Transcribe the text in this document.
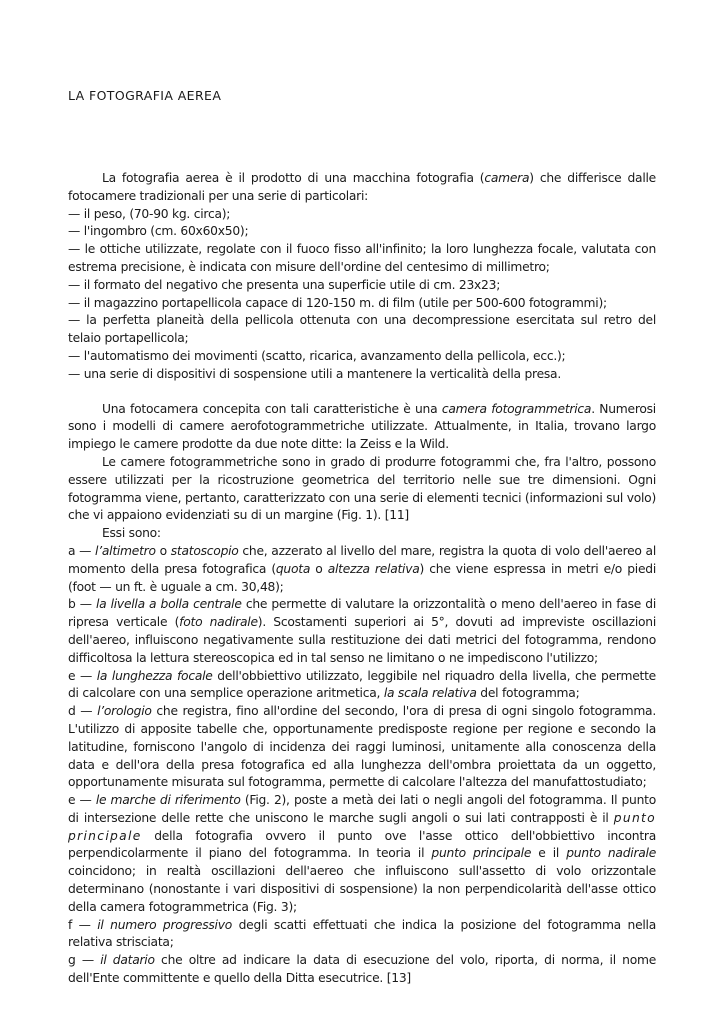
LA FOTOGRAFIA AEREA

La fotografia aerea è il prodotto di una macchina fotografia (camera) che differisce dalle fotocamere tradizionali per una serie di particolari:

— il peso, (70-90 kg. circa);

— l'ingombro (cm. 60x60x50);

— le ottiche utilizzate, regolate con il fuoco fisso all'infinito; la loro lunghezza focale, valutata con estrema precisione, è indicata con misure dell'ordine del centesimo di millimetro;

— il formato del negativo che presenta una superficie utile di cm. 23x23;

— il magazzino portapellicola capace di 120-150 m. di film (utile per 500-600 fotogrammi);

— la perfetta planeità della pellicola ottenuta con una decompressione esercitata sul retro del telaio portapellicola;

— l'automatismo dei movimenti (scatto, ricarica, avanzamento della pellicola, ecc.);

— una serie di dispositivi di sospensione utili a mantenere la verticalità della presa.

Una fotocamera concepita con tali caratteristiche è una camera fotogrammetrica. Numerosi sono i modelli di camere aerofotogrammetriche utilizzate. Attualmente, in Italia, trovano largo impiego le camere prodotte da due note ditte: la Zeiss e la Wild.

Le camere fotogrammetriche sono in grado di produrre fotogrammi che, fra l'altro, possono essere utilizzati per la ricostruzione geometrica del territorio nelle sue tre dimensioni. Ogni fotogramma viene, pertanto, caratterizzato con una serie di elementi tecnici (informazioni sul volo) che vi appaiono evidenziati su di un margine (Fig. 1). [11]

Essi sono:

a — l’altimetro o statoscopio che, azzerato al livello del mare, registra la quota di volo dell'aereo al momento della presa fotografica (quota o altezza relativa) che viene espressa in metri e/o piedi (foot — un ft. è uguale a cm. 30,48);

b — la livella a bolla centrale che permette di valutare la orizzontalità o meno dell'aereo in fase di ripresa verticale (foto nadirale). Scostamenti superiori ai 5°, dovuti ad impreviste oscillazioni dell'aereo, influiscono negativamente sulla restituzione dei dati metrici del fotogramma, rendono difficoltosa la lettura stereoscopica ed in tal senso ne limitano o ne impediscono l'utilizzo;

e — la lunghezza focale dell'obbiettivo utilizzato, leggibile nel riquadro della livella, che permette di calcolare con una semplice operazione aritmetica, la scala relativa del fotogramma;

d — l’orologio che registra, fino all'ordine del secondo, l'ora di presa di ogni singolo fotogramma. L'utilizzo di apposite tabelle che, opportunamente predisposte regione per regione e secondo la latitudine, forniscono l'angolo di incidenza dei raggi luminosi, unitamente alla conoscenza della data e dell'ora della presa fotografica ed alla lunghezza dell'ombra proiettata da un oggetto, opportunamente misurata sul fotogramma, permette di calcolare l'altezza del manufattostudiato;

e — le marche di riferimento (Fig. 2), poste a metà dei lati o negli angoli del fotogramma. Il punto di intersezione delle rette che uniscono le marche sugli angoli o sui lati contrapposti è il punto principale della fotografia ovvero il punto ove l'asse ottico dell'obbiettivo incontra perpendicolarmente il piano del fotogramma. In teoria il punto principale e il punto nadirale coincidono; in realtà oscillazioni dell'aereo che influiscono sull'assetto di volo orizzontale determinano (nonostante i vari dispositivi di sospensione) la non perpendicolarità dell'asse ottico della camera fotogrammetrica (Fig. 3);

f — il numero progressivo degli scatti effettuati che indica la posizione del fotogramma nella relativa strisciata;

g — il datario che oltre ad indicare la data di esecuzione del volo, riporta, di norma, il nome dell'Ente committente e quello della Ditta esecutrice. [13]
